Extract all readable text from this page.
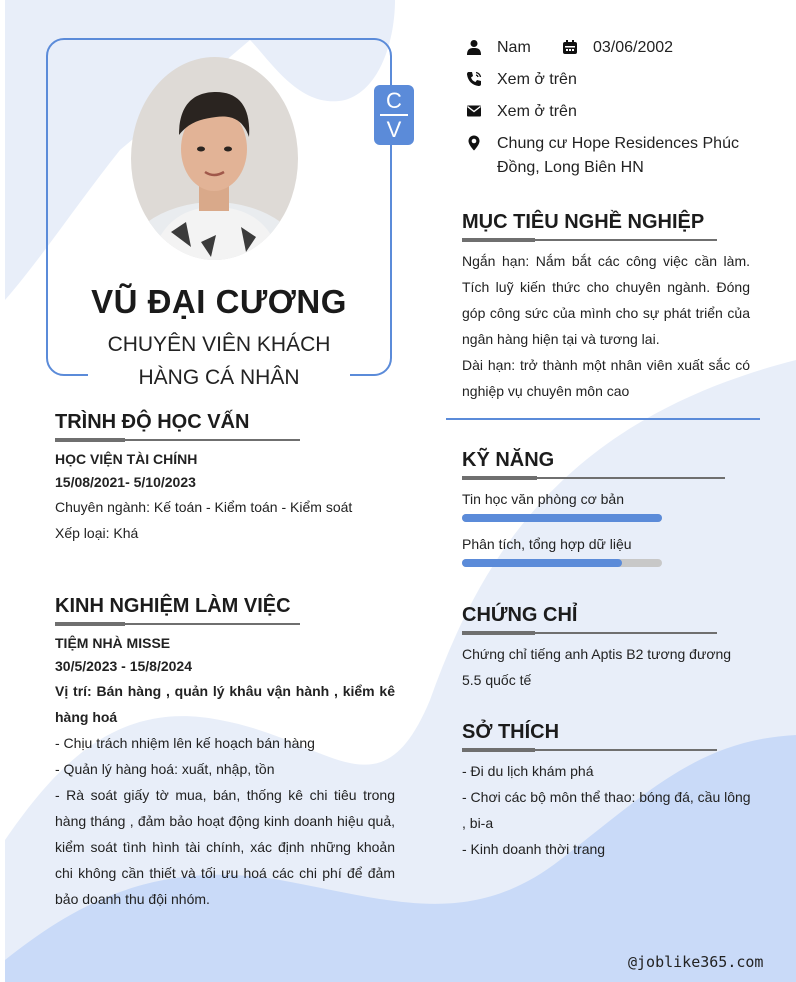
C
V
VŨ ĐẠI CƯƠNG
CHUYÊN VIÊN KHÁCH
HÀNG CÁ NHÂN
Nam	03/06/2002
Xem ở trên
Xem ở trên
Chung cư Hope Residences Phúc
Đồng, Long Biên HN
MỤC TIÊU NGHỀ NGHIỆP

Ngắn hạn: Nắm bắt các công việc cần làm. Tích luỹ kiến thức cho chuyên ngành. Đóng góp công sức của mình cho sự phát triển của ngân hàng hiện tại và tương lai.

Dài hạn: trở thành một nhân viên xuất sắc có nghiệp vụ chuyên môn cao

TRÌNH ĐỘ HỌC VẤN
HỌC VIỆN TÀI CHÍNH
15/08/2021- 5/10/2023
Chuyên ngành: Kế toán - Kiểm toán - Kiểm soát
Xếp loại: Khá
KINH NGHIỆM LÀM VIỆC
TIỆM NHÀ MISSE
30/5/2023 - 15/8/2024
Vị trí: Bán hàng , quản lý khâu vận hành , kiểm kê hàng hoá

- Chịu trách nhiệm lên kế hoạch bán hàng

- Quản lý hàng hoá: xuất, nhập, tồn

- Rà soát giấy tờ mua, bán, thống kê chi tiêu trong hàng tháng , đảm bảo hoạt động kinh doanh hiệu quả, kiểm soát tình hình tài chính, xác định những khoản chi không cần thiết và tối ưu hoá các chi phí để đảm bảo doanh thu đội nhóm.

KỸ NĂNG
Tin học văn phòng cơ bản
Phân tích, tổng hợp dữ liệu
CHỨNG CHỈ
Chứng chỉ tiếng anh Aptis B2 tương đương 5.5 quốc tế
SỞ THÍCH

- Đi du lịch khám phá

- Chơi các bộ môn thể thao: bóng đá, cầu lông , bi-a

- Kinh doanh thời trang

@joblike365.com
